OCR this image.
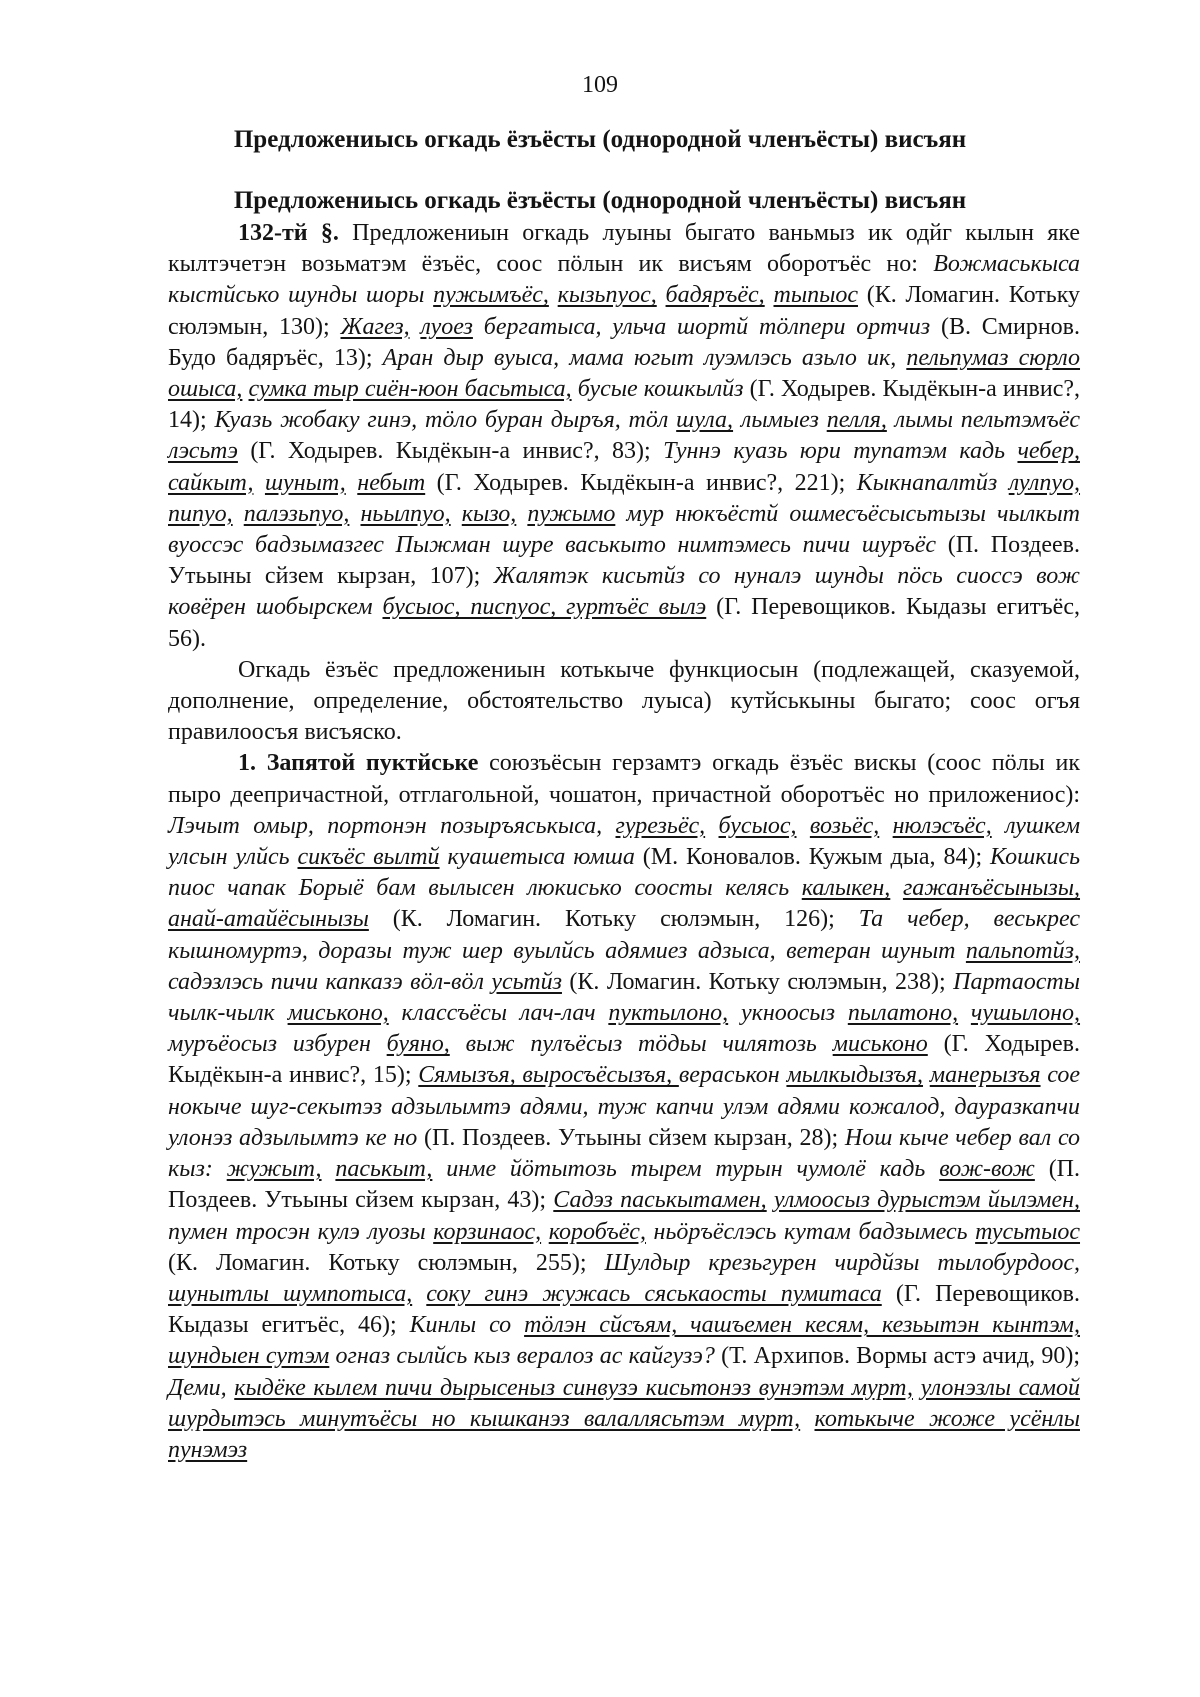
109
Предложениысь огкадь ёзъёсты (однородной членъёсты) висъян
Предложениысь огкадь ёзъёсты (однородной членъёсты) висъян

132-тй §. Предложениын огкадь луыны быгато ваньмыз ик одйг кылын яке кылтэчетэн возьматэм ёзъёс, соос пöлын ик висъям оборотъёс но: Вожмаськыса кыстйсько шунды шоры пужымъёс, кызьпуос, бадяръёс, тыпыос (К. Ломагин. Котьку сюлэмын, 130); Жагез, луоез бергатыса, ульча шортй тöлпери ортчиз (В. Смирнов. Будо бадяръёс, 13); Аран дыр вуыса, мама югыт луэмлэсь азьло ик, пельпумаз сюрло ошыса, сумка тыр сиён-юон басьтыса, бусые кошкылйз (Г. Ходырев. Кыдёкын-а инвис?, 14); Куазь жобаку гинэ, тöло буран дыръя, тöл шула, лымыез пелля, лымы пельтэмъёс лэсьтэ (Г. Ходырев. Кыдёкын-а инвис?, 83); Туннэ куазь юри тупатэм кадь чебер, сайкыт, шуныт, небыт (Г. Ходырев. Кыдёкын-а инвис?, 221); Кыкнапалтйз лулпуо, пипуо, палэзьпуо, ньылпуо, кызо, пужымо мур нюкъёстй ошмесъёсысьтызы чылкыт вуоссэс бадзымазгес Пыжман шуре васькыто нимтэмесь пичи шуръёс (П. Поздеев. Утьыны сйзем кырзан, 107); Жалятэк кисьтйз со нуналэ шунды пöсь сиоссэ вож ковёрен шобырскем бусыос, писпуос, гуртъёс вылэ (Г. Перевощиков. Кыдазы егитъёс, 56).

Огкадь ёзъёс предложениын котькыче функциосын (подлежащей, сказуемой, дополнение, определение, обстоятельство луыса) кутйськыны быгато; соос огъя правилоосъя висъяско.

1. Запятой пуктйське союзъёсын герзамтэ огкадь ёзъёс вискы (соос пöлы ик пыро деепричастной, отглагольной, чошатон, причастной оборотъёс но приложениос): Лэчыт омыр, портонэн позыръяськыса, гурезьёс, бусыос, возьёс, нюлэсъёс, лушкем улсын улйсь сикъёс вылтй куашетыса юмша (М. Коновалов. Кужым дыа, 84); Кошкись пиос чапак Борыё бам вылысен люкисько соосты келясь калыкен, гажанъёсынызы, анай-атайёсынызы (К. Ломагин. Котьку сюлэмын, 126); Та чебер, веськрес кышномуртэ, доразы туж шер вуылйсь адямиез адзыса, ветеран шуныт пальпотйз, садэзлэсь пичи капказэ вöл-вöл усьтйз (К. Ломагин. Котьку сюлэмын, 238); Партаосты чылк-чылк миськоно, классъёсы лач-лач пуктылоно, укноосыз пылатоно, чушылоно, муръёосыз избурен буяно, выж пулъёсыз тöдьы чилятозь миськоно (Г. Ходырев. Кыдёкын-а инвис?, 15); Сямызъя, выросъёсызъя, вераськон мылкыдызъя, манерызъя сое нокыче шуг-секытэз адзылымтэ адями, туж капчи улэм адями кожалод, дауразкапчи улонэз адзылымтэ ке но (П. Поздеев. Утьыны сйзем кырзан, 28); Нош кыче чебер вал со кыз: жужыт, паськыт, инме йöтытозь тырем турын чумолё кадь вож-вож (П. Поздеев. Утьыны сйзем кырзан, 43); Садэз паськытамен, улмоосыз дурыстэм йылэмен, пумен тросэн кулэ луозы корзинаос, коробъёс, ньöръёслэсь кутам бадзымесь тусьтыос (К. Ломагин. Котьку сюлэмын, 255); Шулдыр крезьгурен чирдйзы тылобурдоос, шунытлы шумпотыса, соку гинэ жужась сяськаосты пумитаса (Г. Перевощиков. Кыдазы егитъёс, 46); Кинлы со тöлэн сйсъям, чашъемен кесям, кезьытэн кынтэм, шундыен сутэм огназ сылйсь кыз вералоз ас кайгузэ? (Т. Архипов. Вормы астэ ачид, 90); Деми, кыдёке кылем пичи дырысеныз синвузэ кисьтонэз вунэтэм мурт, улонэзлы самой шурдытэсь минутъёсы но кышканэз валаллясьтэм мурт, котькыче жожe усёнлы пунэмэз
